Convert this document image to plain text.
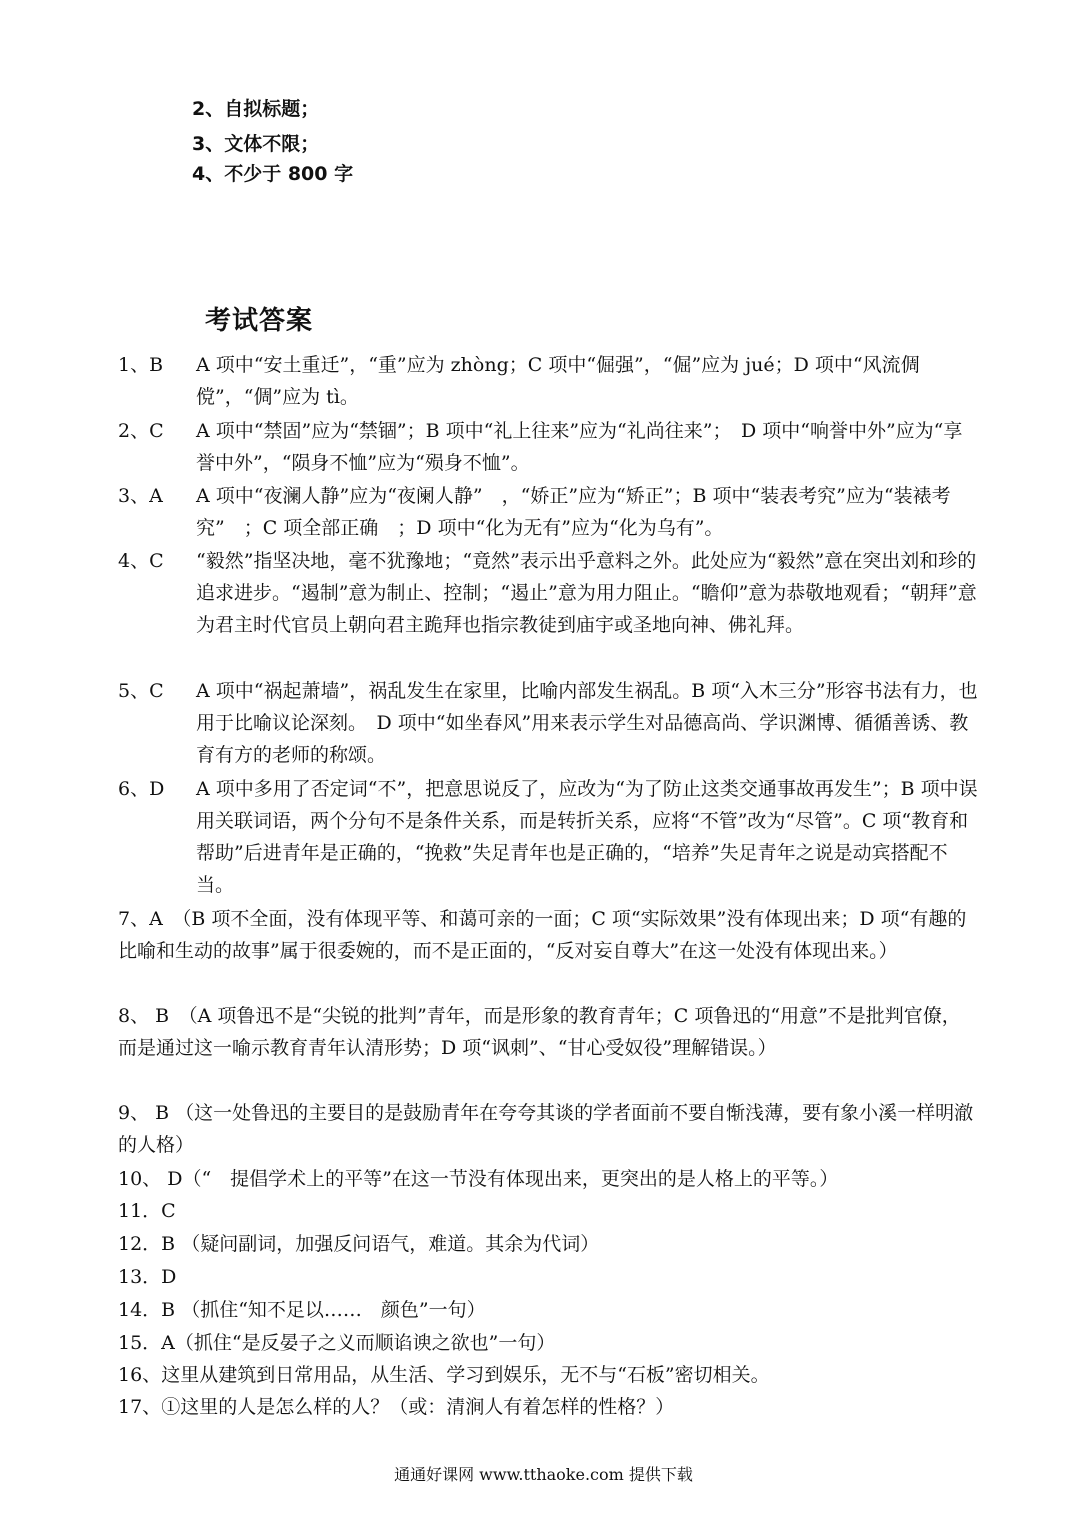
2、自拟标题；
3、文体不限；
4、不少于 800 字
考试答案
1、B	A 项中“安土重迁”，“重”应为 zhòng；C 项中“倔强”，“倔”应为 jué；D 项中“风流倜傥”，“倜”应为 tì。
2、C	A 项中“禁固”应为“禁锢”；B 项中“礼上往来”应为“礼尚往来”；　D 项中“响誉中外”应为“享誉中外”，“陨身不恤”应为“殒身不恤”。
3、A	A 项中“夜澜人静”应为“夜阑人静”　，“娇正”应为“矫正”；B 项中“装表考究”应为“装裱考究”　；C 项全部正确　；D 项中“化为无有”应为“化为乌有”。
4、C	“毅然”指坚决地，毫不犹豫地；“竟然”表示出乎意料之外。此处应为“毅然”意在突出刘和珍的追求进步。“遏制”意为制止、控制；“遏止”意为用力阻止。“瞻仰”意为恭敬地观看；“朝拜”意为君主时代官员上朝向君主跪拜也指宗教徒到庙宇或圣地向神、佛礼拜。
5、C	A 项中“祸起萧墙”，祸乱发生在家里，比喻内部发生祸乱。B 项“入木三分”形容书法有力，也用于比喻议论深刻。　D 项中“如坐春风”用来表示学生对品德高尚、学识渊博、循循善诱、教育有方的老师的称颂。
6、D	A 项中多用了否定词“不”，把意思说反了，应改为“为了防止这类交通事故再发生”；B 项中误用关联词语，两个分句不是条件关系，而是转折关系，应将“不管”改为“尽管”。C 项“教育和帮助”后进青年是正确的，“挽救”失足青年也是正确的，“培养”失足青年之说是动宾搭配不当。
7、A　 （B 项不全面，没有体现平等、和蔼可亲的一面；C 项“实际效果”没有体现出来；D 项“有趣的比喻和生动的故事”属于很委婉的，而不是正面的，“反对妄自尊大”在这一处没有体现出来。）
8、 B　 （A 项鲁迅不是“尖锐的批判”青年，而是形象的教育青年；C 项鲁迅的“用意”不是批判官僚，而是通过这一喻示教育青年认清形势；D 项“讽刺”、“甘心受奴役”理解错误。）
9、 B （这一处鲁迅的主要目的是鼓励青年在夸夸其谈的学者面前不要自惭浅薄，要有象小溪一样明澈的人格）
10、 D（“　提倡学术上的平等”在这一节没有体现出来，更突出的是人格上的平等。）
11．C
12．B （疑问副词，加强反问语气，难道。其余为代词）
13．D
14．B （抓住“知不足以……　颜色”一句）
15．A（抓住“是反晏子之义而顺谄谀之欲也”一句）
16、这里从建筑到日常用品，从生活、学习到娱乐，无不与“石板”密切相关。
17、①这里的人是怎么样的人？（或：清涧人有着怎样的性格？）
通通好课网 www.tthaoke.com 提供下载
